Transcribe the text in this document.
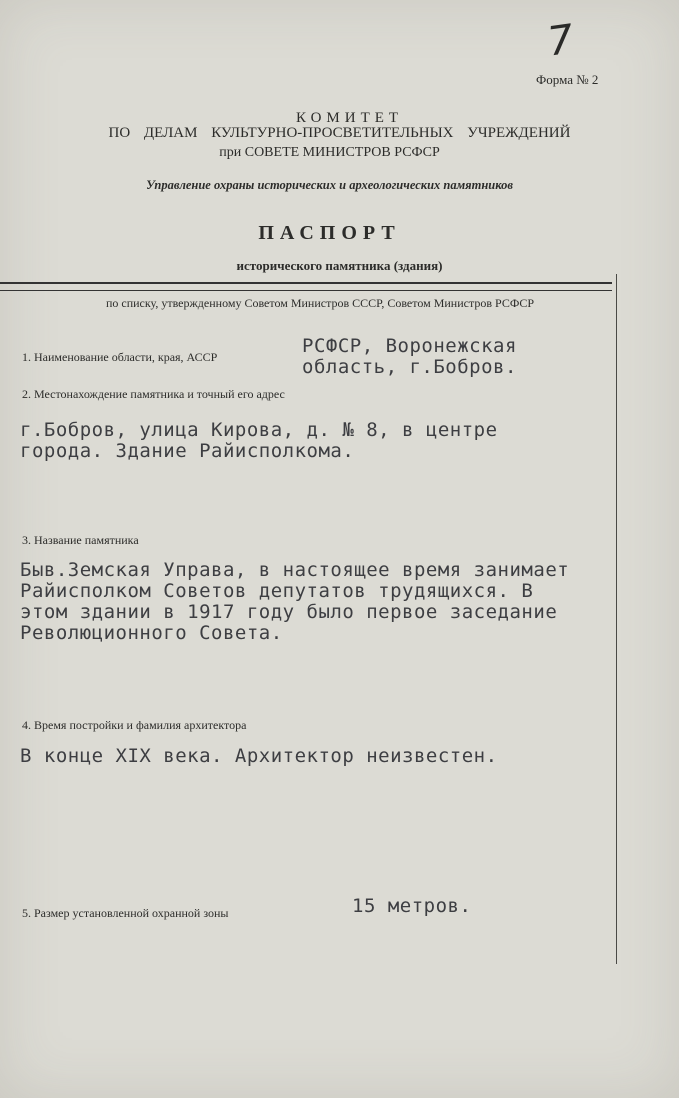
7
Форма № 2
КОМИТЕТ
ПО ДЕЛАМ КУЛЬТУРНО-ПРОСВЕТИТЕЛЬНЫХ УЧРЕЖДЕНИЙ
при СОВЕТЕ МИНИСТРОВ РСФСР
Управление охраны исторических и археологических памятников
ПАСПОРТ
исторического памятника (здания)
по списку, утвержденному Советом Министров СССР, Советом Министров РСФСР
1. Наименование области, края, АССР	РСФСР, Воронежская
область, г.Бобров.
2. Местонахождение памятника и точный его адрес
г.Бобров, улица Кирова, д. № 8, в центре
города. Здание Райисполкома.
3. Название памятника
Быв.Земская Управа, в настоящее время занимает
Райисполком Советов депутатов трудящихся. В
этом здании в 1917 году было первое заседание
Революционного Совета.
4. Время постройки и фамилия архитектора
В конце XIX века. Архитектор неизвестен.
5. Размер установленной охранной зоны	15 метров.
